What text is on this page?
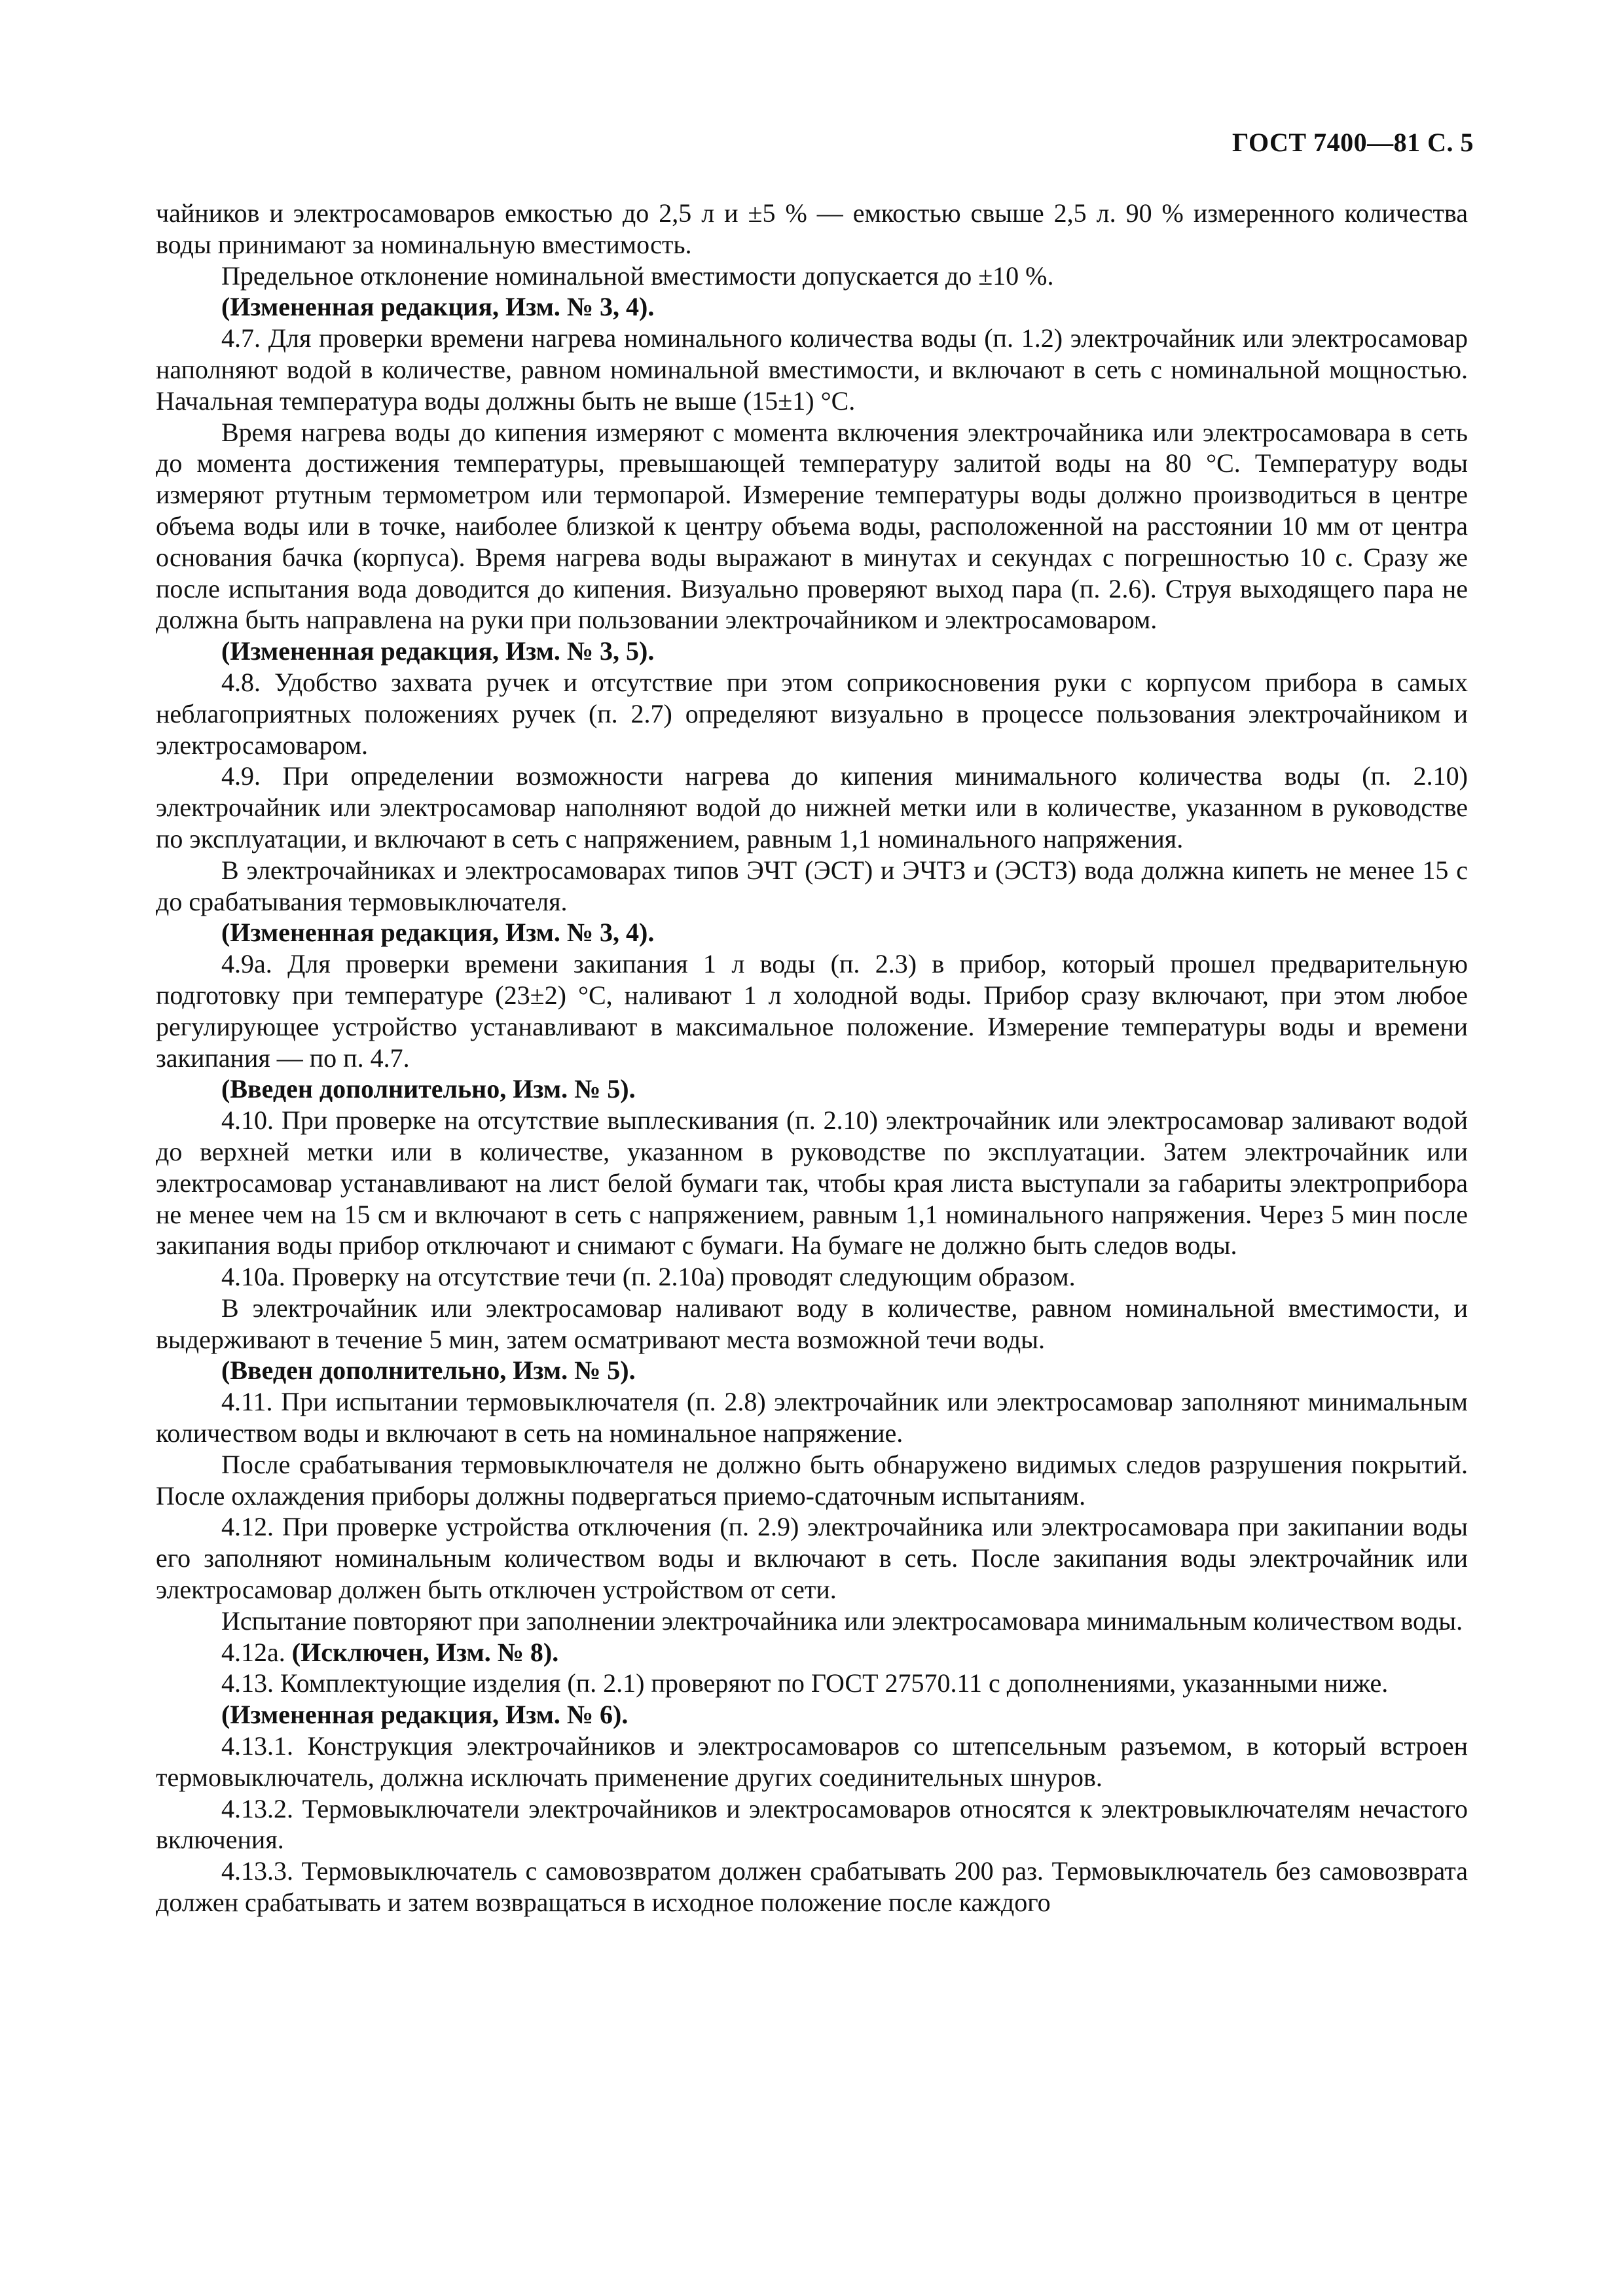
ГОСТ 7400—81 С. 5

чайников и электросамоваров емкостью до 2,5 л и ±5 % — емкостью свыше 2,5 л. 90 % измеренного количества воды принимают за номинальную вместимость.

Предельное отклонение номинальной вместимости допускается до ±10 %.

(Измененная редакция, Изм. № 3, 4).

4.7. Для проверки времени нагрева номинального количества воды (п. 1.2) электрочайник или электросамовар наполняют водой в количестве, равном номинальной вместимости, и включают в сеть с номинальной мощностью. Начальная температура воды должны быть не выше (15±1) °С.

Время нагрева воды до кипения измеряют с момента включения электрочайника или электросамовара в сеть до момента достижения температуры, превышающей температуру залитой воды на 80 °С. Температуру воды измеряют ртутным термометром или термопарой. Измерение температуры воды должно производиться в центре объема воды или в точке, наиболее близкой к центру объема воды, расположенной на расстоянии 10 мм от центра основания бачка (корпуса). Время нагрева воды выражают в минутах и секундах с погрешностью 10 с. Сразу же после испытания вода доводится до кипения. Визуально проверяют выход пара (п. 2.6). Струя выходящего пара не должна быть направлена на руки при пользовании электрочайником и электросамоваром.

(Измененная редакция, Изм. № 3, 5).

4.8. Удобство захвата ручек и отсутствие при этом соприкосновения руки с корпусом прибора в самых неблагоприятных положениях ручек (п. 2.7) определяют визуально в процессе пользования электрочайником и электросамоваром.

4.9. При определении возможности нагрева до кипения минимального количества воды (п. 2.10) электрочайник или электросамовар наполняют водой до нижней метки или в количестве, указанном в руководстве по эксплуатации, и включают в сеть с напряжением, равным 1,1 номинального напряжения.

В электрочайниках и электросамоварах типов ЭЧТ (ЭСТ) и ЭЧТЗ и (ЭСТЗ) вода должна кипеть не менее 15 с до срабатывания термовыключателя.

(Измененная редакция, Изм. № 3, 4).

4.9а. Для проверки времени закипания 1 л воды (п. 2.3) в прибор, который прошел предварительную подготовку при температуре (23±2) °С, наливают 1 л холодной воды. Прибор сразу включают, при этом любое регулирующее устройство устанавливают в максимальное положение. Измерение температуры воды и времени закипания — по п. 4.7.

(Введен дополнительно, Изм. № 5).

4.10. При проверке на отсутствие выплескивания (п. 2.10) электрочайник или электросамовар заливают водой до верхней метки или в количестве, указанном в руководстве по эксплуатации. Затем электрочайник или электросамовар устанавливают на лист белой бумаги так, чтобы края листа выступали за габариты электроприбора не менее чем на 15 см и включают в сеть с напряжением, равным 1,1 номинального напряжения. Через 5 мин после закипания воды прибор отключают и снимают с бумаги. На бумаге не должно быть следов воды.

4.10а. Проверку на отсутствие течи (п. 2.10а) проводят следующим образом.

В электрочайник или электросамовар наливают воду в количестве, равном номинальной вместимости, и выдерживают в течение 5 мин, затем осматривают места возможной течи воды.

(Введен дополнительно, Изм. № 5).

4.11. При испытании термовыключателя (п. 2.8) электрочайник или электросамовар заполняют минимальным количеством воды и включают в сеть на номинальное напряжение.

После срабатывания термовыключателя не должно быть обнаружено видимых следов разрушения покрытий. После охлаждения приборы должны подвергаться приемо-сдаточным испытаниям.

4.12. При проверке устройства отключения (п. 2.9) электрочайника или электросамовара при закипании воды его заполняют номинальным количеством воды и включают в сеть. После закипания воды электрочайник или электросамовар должен быть отключен устройством от сети.

Испытание повторяют при заполнении электрочайника или электросамовара минимальным количеством воды.

4.12а. (Исключен, Изм. № 8).

4.13. Комплектующие изделия (п. 2.1) проверяют по ГОСТ 27570.11 с дополнениями, указанными ниже.

(Измененная редакция, Изм. № 6).

4.13.1. Конструкция электрочайников и электросамоваров со штепсельным разъемом, в который встроен термовыключатель, должна исключать применение других соединительных шнуров.

4.13.2. Термовыключатели электрочайников и электросамоваров относятся к электровыключателям нечастого включения.

4.13.3. Термовыключатель с самовозвратом должен срабатывать 200 раз. Термовыключатель без самовозврата должен срабатывать и затем возвращаться в исходное положение после каждого
